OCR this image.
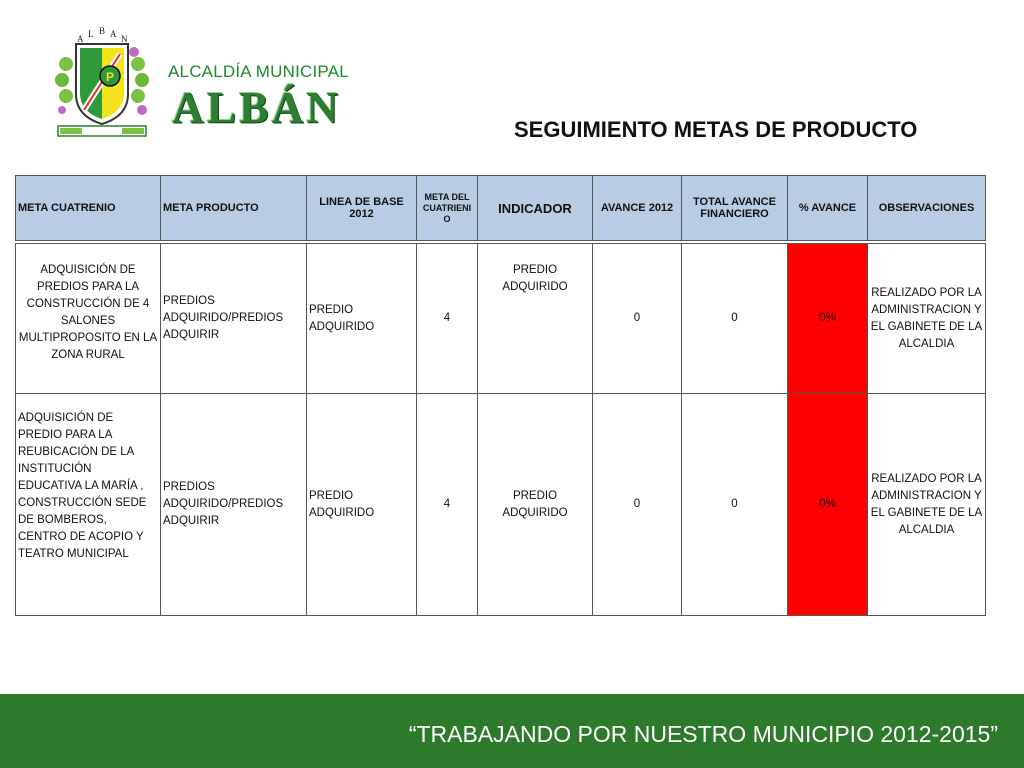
P
A L B A N
ALCALDÍA MUNICIPAL
ALBÁN	SEGUIMIENTO METAS DE PRODUCTO
META CUATRENIO	META PRODUCTO	LINEA DE BASE 2012	META DEL CUATRIENI O	INDICADOR	AVANCE 2012	TOTAL AVANCE FINANCIERO	% AVANCE	OBSERVACIONES

ADQUISICIÓN DE PREDIOS PARA LA CONSTRUCCIÓN DE 4 SALONES MULTIPROPOSITO EN LA ZONA RURAL	PREDIOS ADQUIRIDO/PREDIOS ADQUIRIR	PREDIO ADQUIRIDO	4	PREDIO ADQUIRIDO	0	0	0%	REALIZADO POR LA ADMINISTRACION Y EL GABINETE DE LA ALCALDIA
ADQUISICIÓN DE PREDIO PARA LA REUBICACIÓN DE LA INSTITUCIÓN EDUCATIVA LA MARÍA , CONSTRUCCIÓN SEDE DE BOMBEROS, CENTRO DE ACOPIO Y TEATRO MUNICIPAL	PREDIOS ADQUIRIDO/PREDIOS ADQUIRIR	PREDIO ADQUIRIDO	4	PREDIO ADQUIRIDO	0	0	0%	REALIZADO POR LA ADMINISTRACION Y EL GABINETE DE LA ALCALDIA
“TRABAJANDO POR NUESTRO MUNICIPIO 2012-2015”
